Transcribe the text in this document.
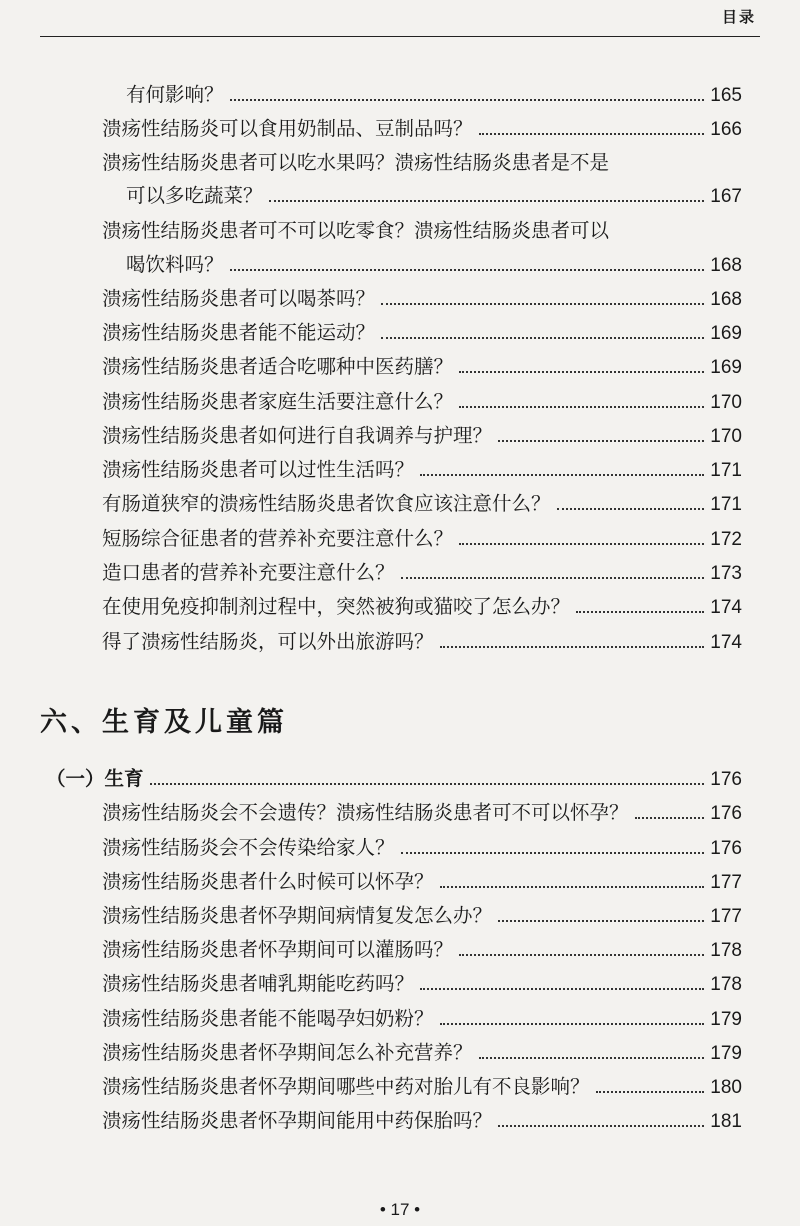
目录
有何影响？	165
溃疡性结肠炎可以食用奶制品、豆制品吗？	166
溃疡性结肠炎患者可以吃水果吗？溃疡性结肠炎患者是不是
可以多吃蔬菜？	167
溃疡性结肠炎患者可不可以吃零食？溃疡性结肠炎患者可以
喝饮料吗？	168
溃疡性结肠炎患者可以喝茶吗？	168
溃疡性结肠炎患者能不能运动？	169
溃疡性结肠炎患者适合吃哪种中医药膳？	169
溃疡性结肠炎患者家庭生活要注意什么？	170
溃疡性结肠炎患者如何进行自我调养与护理？	170
溃疡性结肠炎患者可以过性生活吗？	171
有肠道狭窄的溃疡性结肠炎患者饮食应该注意什么？	171
短肠综合征患者的营养补充要注意什么？	172
造口患者的营养补充要注意什么？	173
在使用免疫抑制剂过程中，突然被狗或猫咬了怎么办？	174
得了溃疡性结肠炎，可以外出旅游吗？	174
六、生育及儿童篇
（一）生育	176
溃疡性结肠炎会不会遗传？溃疡性结肠炎患者可不可以怀孕？	176
溃疡性结肠炎会不会传染给家人？	176
溃疡性结肠炎患者什么时候可以怀孕？	177
溃疡性结肠炎患者怀孕期间病情复发怎么办？	177
溃疡性结肠炎患者怀孕期间可以灌肠吗？	178
溃疡性结肠炎患者哺乳期能吃药吗？	178
溃疡性结肠炎患者能不能喝孕妇奶粉？	179
溃疡性结肠炎患者怀孕期间怎么补充营养？	179
溃疡性结肠炎患者怀孕期间哪些中药对胎儿有不良影响？	180
溃疡性结肠炎患者怀孕期间能用中药保胎吗？	181
• 17 •
